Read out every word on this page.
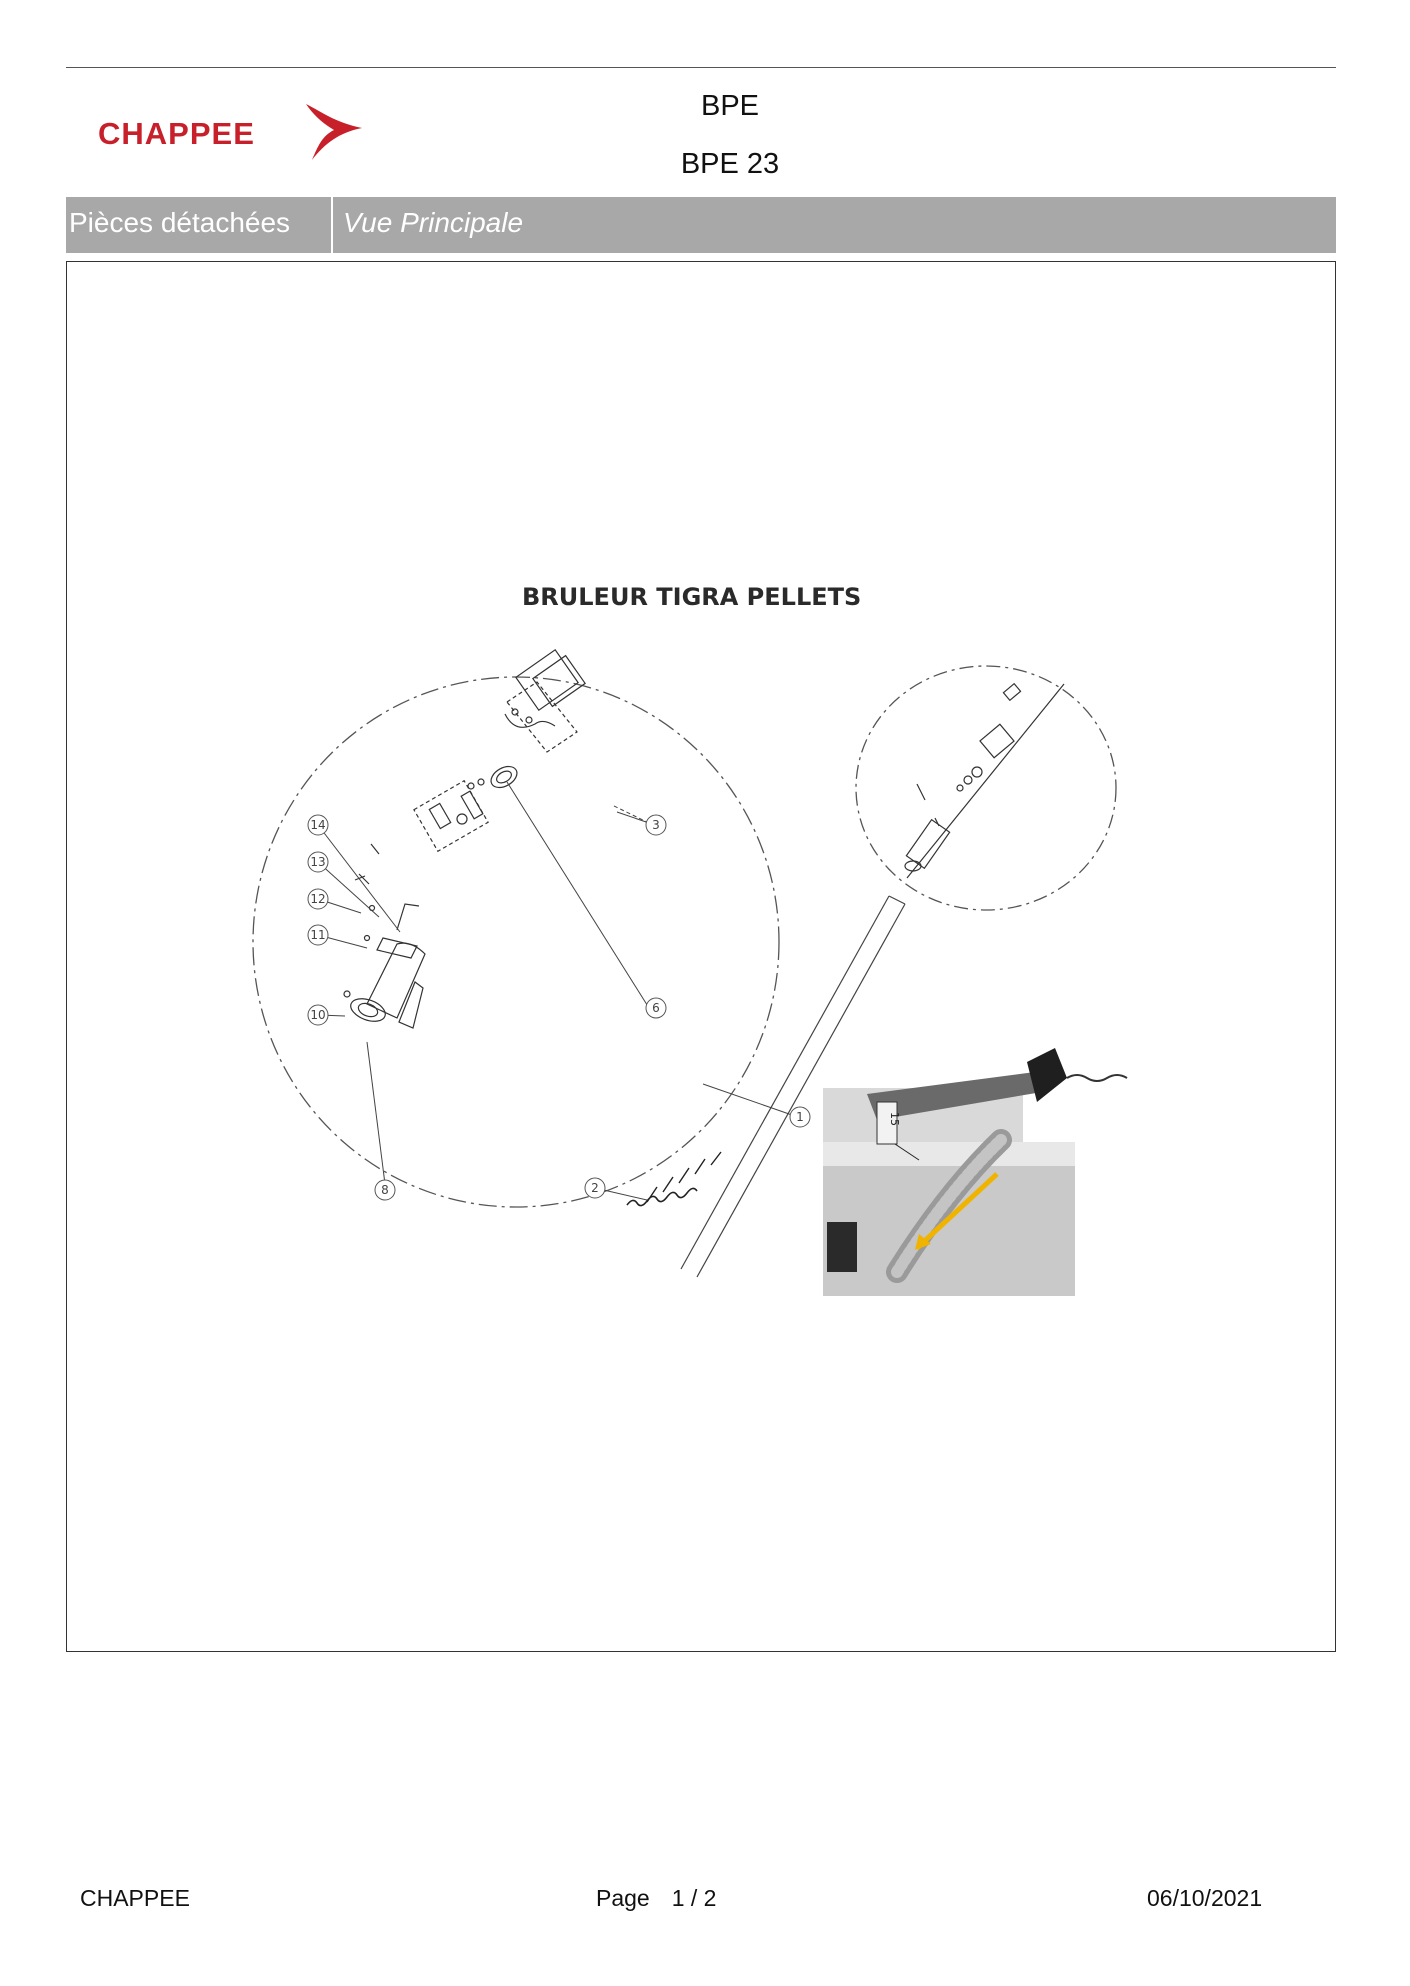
CHAPPEE
BPE
BPE 23
Pièces détachées	Vue Principale
BRULEUR TIGRA PELLETS
14
13
12
11
10
8
3
6
1
2
15
CHAPPEE	Page 1 / 2	06/10/2021
